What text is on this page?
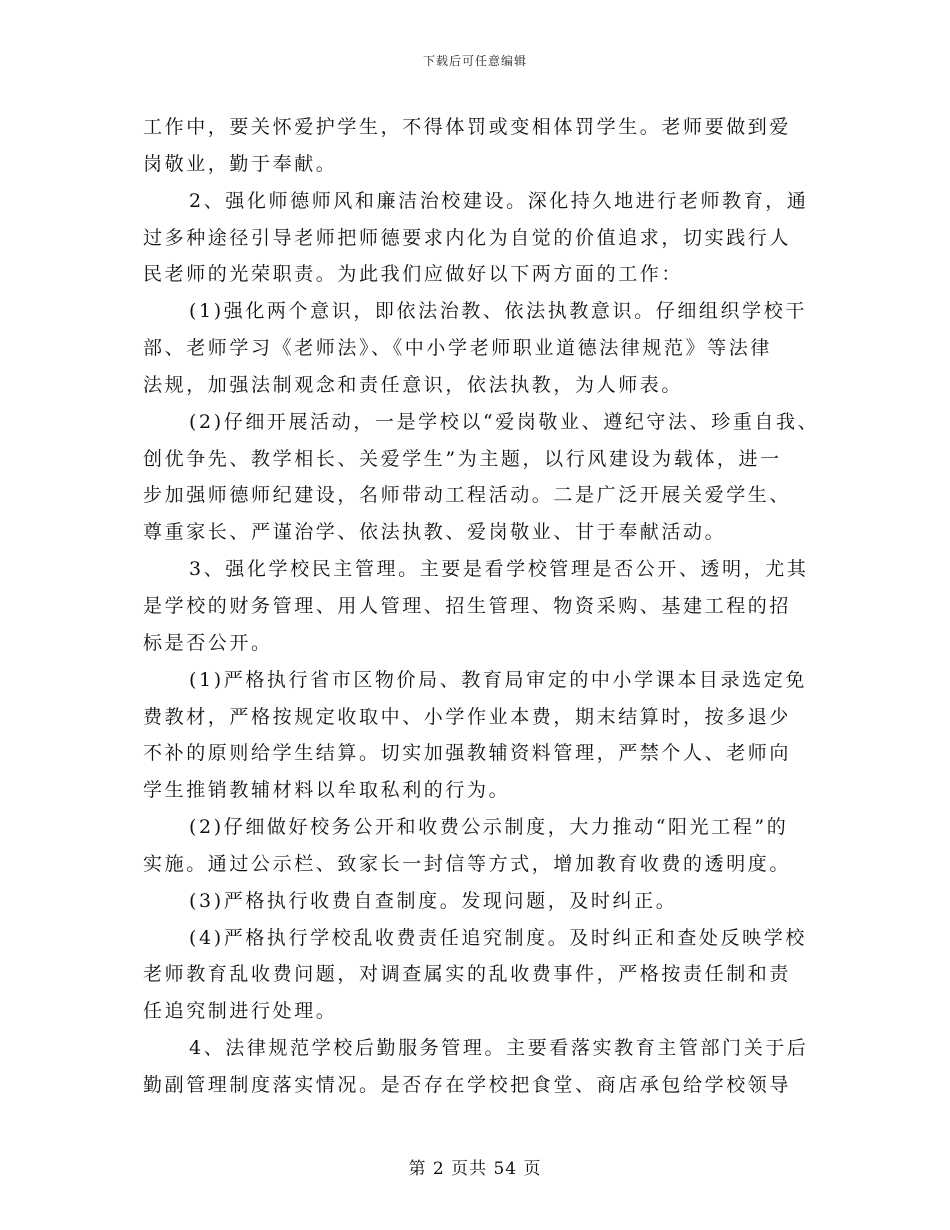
下载后可任意编辑
工作中，要关怀爱护学生，不得体罚或变相体罚学生。老师要做到爱
岗敬业，勤于奉献。
2、强化师德师风和廉洁治校建设。深化持久地进行老师教育，通
过多种途径引导老师把师德要求内化为自觉的价值追求，切实践行人
民老师的光荣职责。为此我们应做好以下两方面的工作：
(1)强化两个意识，即依法治教、依法执教意识。仔细组织学校干
部、老师学习《老师法》、《中小学老师职业道德法律规范》等法律
法规，加强法制观念和责任意识，依法执教，为人师表。
(2)仔细开展活动，一是学校以“爱岗敬业、遵纪守法、珍重自我、
创优争先、教学相长、关爱学生”为主题，以行风建设为载体，进一
步加强师德师纪建设，名师带动工程活动。二是广泛开展关爱学生、
尊重家长、严谨治学、依法执教、爱岗敬业、甘于奉献活动。
3、强化学校民主管理。主要是看学校管理是否公开、透明，尤其
是学校的财务管理、用人管理、招生管理、物资采购、基建工程的招
标是否公开。
(1)严格执行省市区物价局、教育局审定的中小学课本目录选定免
费教材，严格按规定收取中、小学作业本费，期末结算时，按多退少
不补的原则给学生结算。切实加强教辅资料管理，严禁个人、老师向
学生推销教辅材料以牟取私利的行为。
(2)仔细做好校务公开和收费公示制度，大力推动“阳光工程”的
实施。通过公示栏、致家长一封信等方式，增加教育收费的透明度。
(3)严格执行收费自查制度。发现问题，及时纠正。
(4)严格执行学校乱收费责任追究制度。及时纠正和查处反映学校
老师教育乱收费问题，对调查属实的乱收费事件，严格按责任制和责
任追究制进行处理。
4、法律规范学校后勤服务管理。主要看落实教育主管部门关于后
勤副管理制度落实情况。是否存在学校把食堂、商店承包给学校领导
第 2 页共 54 页
